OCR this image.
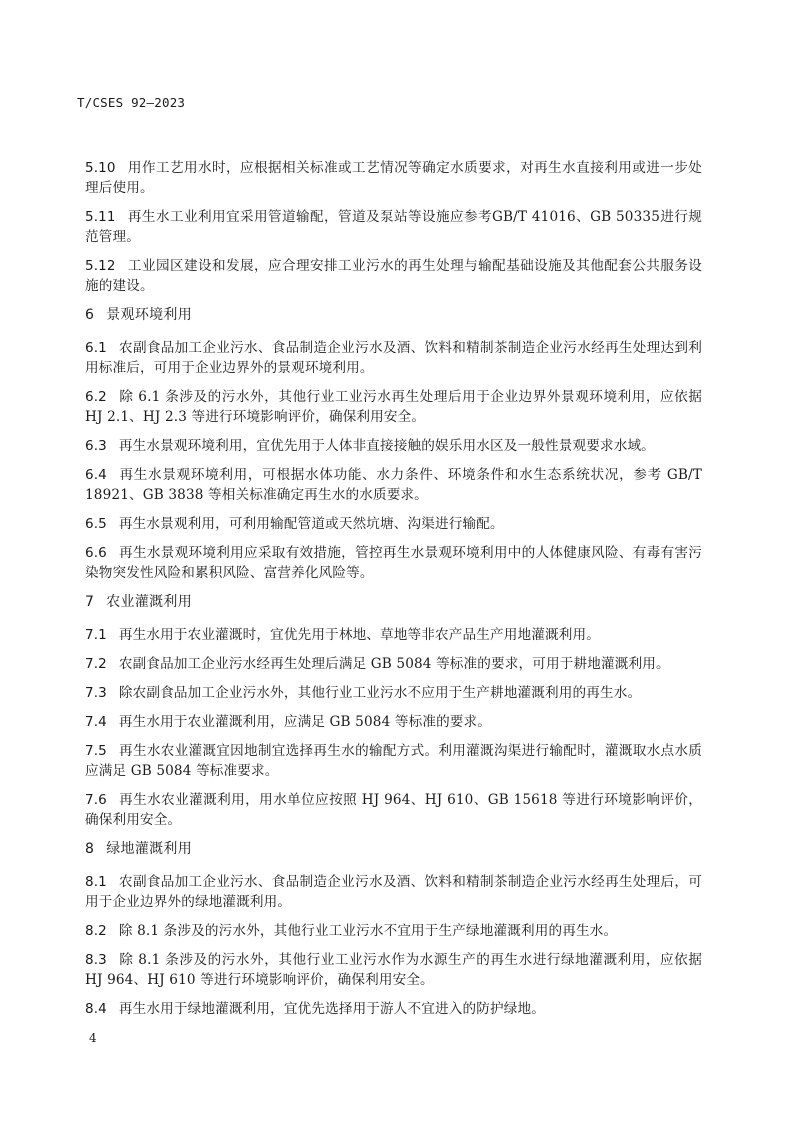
T/CSES 92—2023

5.10 用作工艺用水时，应根据相关标准或工艺情况等确定水质要求，对再生水直接利用或进一步处理后使用。

5.11 再生水工业利用宜采用管道输配，管道及泵站等设施应参考GB/T 41016、GB 50335进行规范管理。

5.12 工业园区建设和发展，应合理安排工业污水的再生处理与输配基础设施及其他配套公共服务设施的建设。

6 景观环境利用

6.1 农副食品加工企业污水、食品制造企业污水及酒、饮料和精制茶制造企业污水经再生处理达到利用标准后，可用于企业边界外的景观环境利用。

6.2 除 6.1 条涉及的污水外，其他行业工业污水再生处理后用于企业边界外景观环境利用，应依据 HJ 2.1、HJ 2.3 等进行环境影响评价，确保利用安全。

6.3 再生水景观环境利用，宜优先用于人体非直接接触的娱乐用水区及一般性景观要求水域。

6.4 再生水景观环境利用，可根据水体功能、水力条件、环境条件和水生态系统状况，参考 GB/T 18921、GB 3838 等相关标准确定再生水的水质要求。

6.5 再生水景观利用，可利用输配管道或天然坑塘、沟渠进行输配。

6.6 再生水景观环境利用应采取有效措施，管控再生水景观环境利用中的人体健康风险、有毒有害污染物突发性风险和累积风险、富营养化风险等。

7 农业灌溉利用

7.1 再生水用于农业灌溉时，宜优先用于林地、草地等非农产品生产用地灌溉利用。

7.2 农副食品加工企业污水经再生处理后满足 GB 5084 等标准的要求，可用于耕地灌溉利用。

7.3 除农副食品加工企业污水外，其他行业工业污水不应用于生产耕地灌溉利用的再生水。

7.4 再生水用于农业灌溉利用，应满足 GB 5084 等标准的要求。

7.5 再生水农业灌溉宜因地制宜选择再生水的输配方式。利用灌溉沟渠进行输配时，灌溉取水点水质应满足 GB 5084 等标准要求。

7.6 再生水农业灌溉利用，用水单位应按照 HJ 964、HJ 610、GB 15618 等进行环境影响评价，确保利用安全。

8 绿地灌溉利用

8.1 农副食品加工企业污水、食品制造企业污水及酒、饮料和精制茶制造企业污水经再生处理后，可用于企业边界外的绿地灌溉利用。

8.2 除 8.1 条涉及的污水外，其他行业工业污水不宜用于生产绿地灌溉利用的再生水。

8.3 除 8.1 条涉及的污水外，其他行业工业污水作为水源生产的再生水进行绿地灌溉利用，应依据 HJ 964、HJ 610 等进行环境影响评价，确保利用安全。

8.4 再生水用于绿地灌溉利用，宜优先选择用于游人不宜进入的防护绿地。

4
